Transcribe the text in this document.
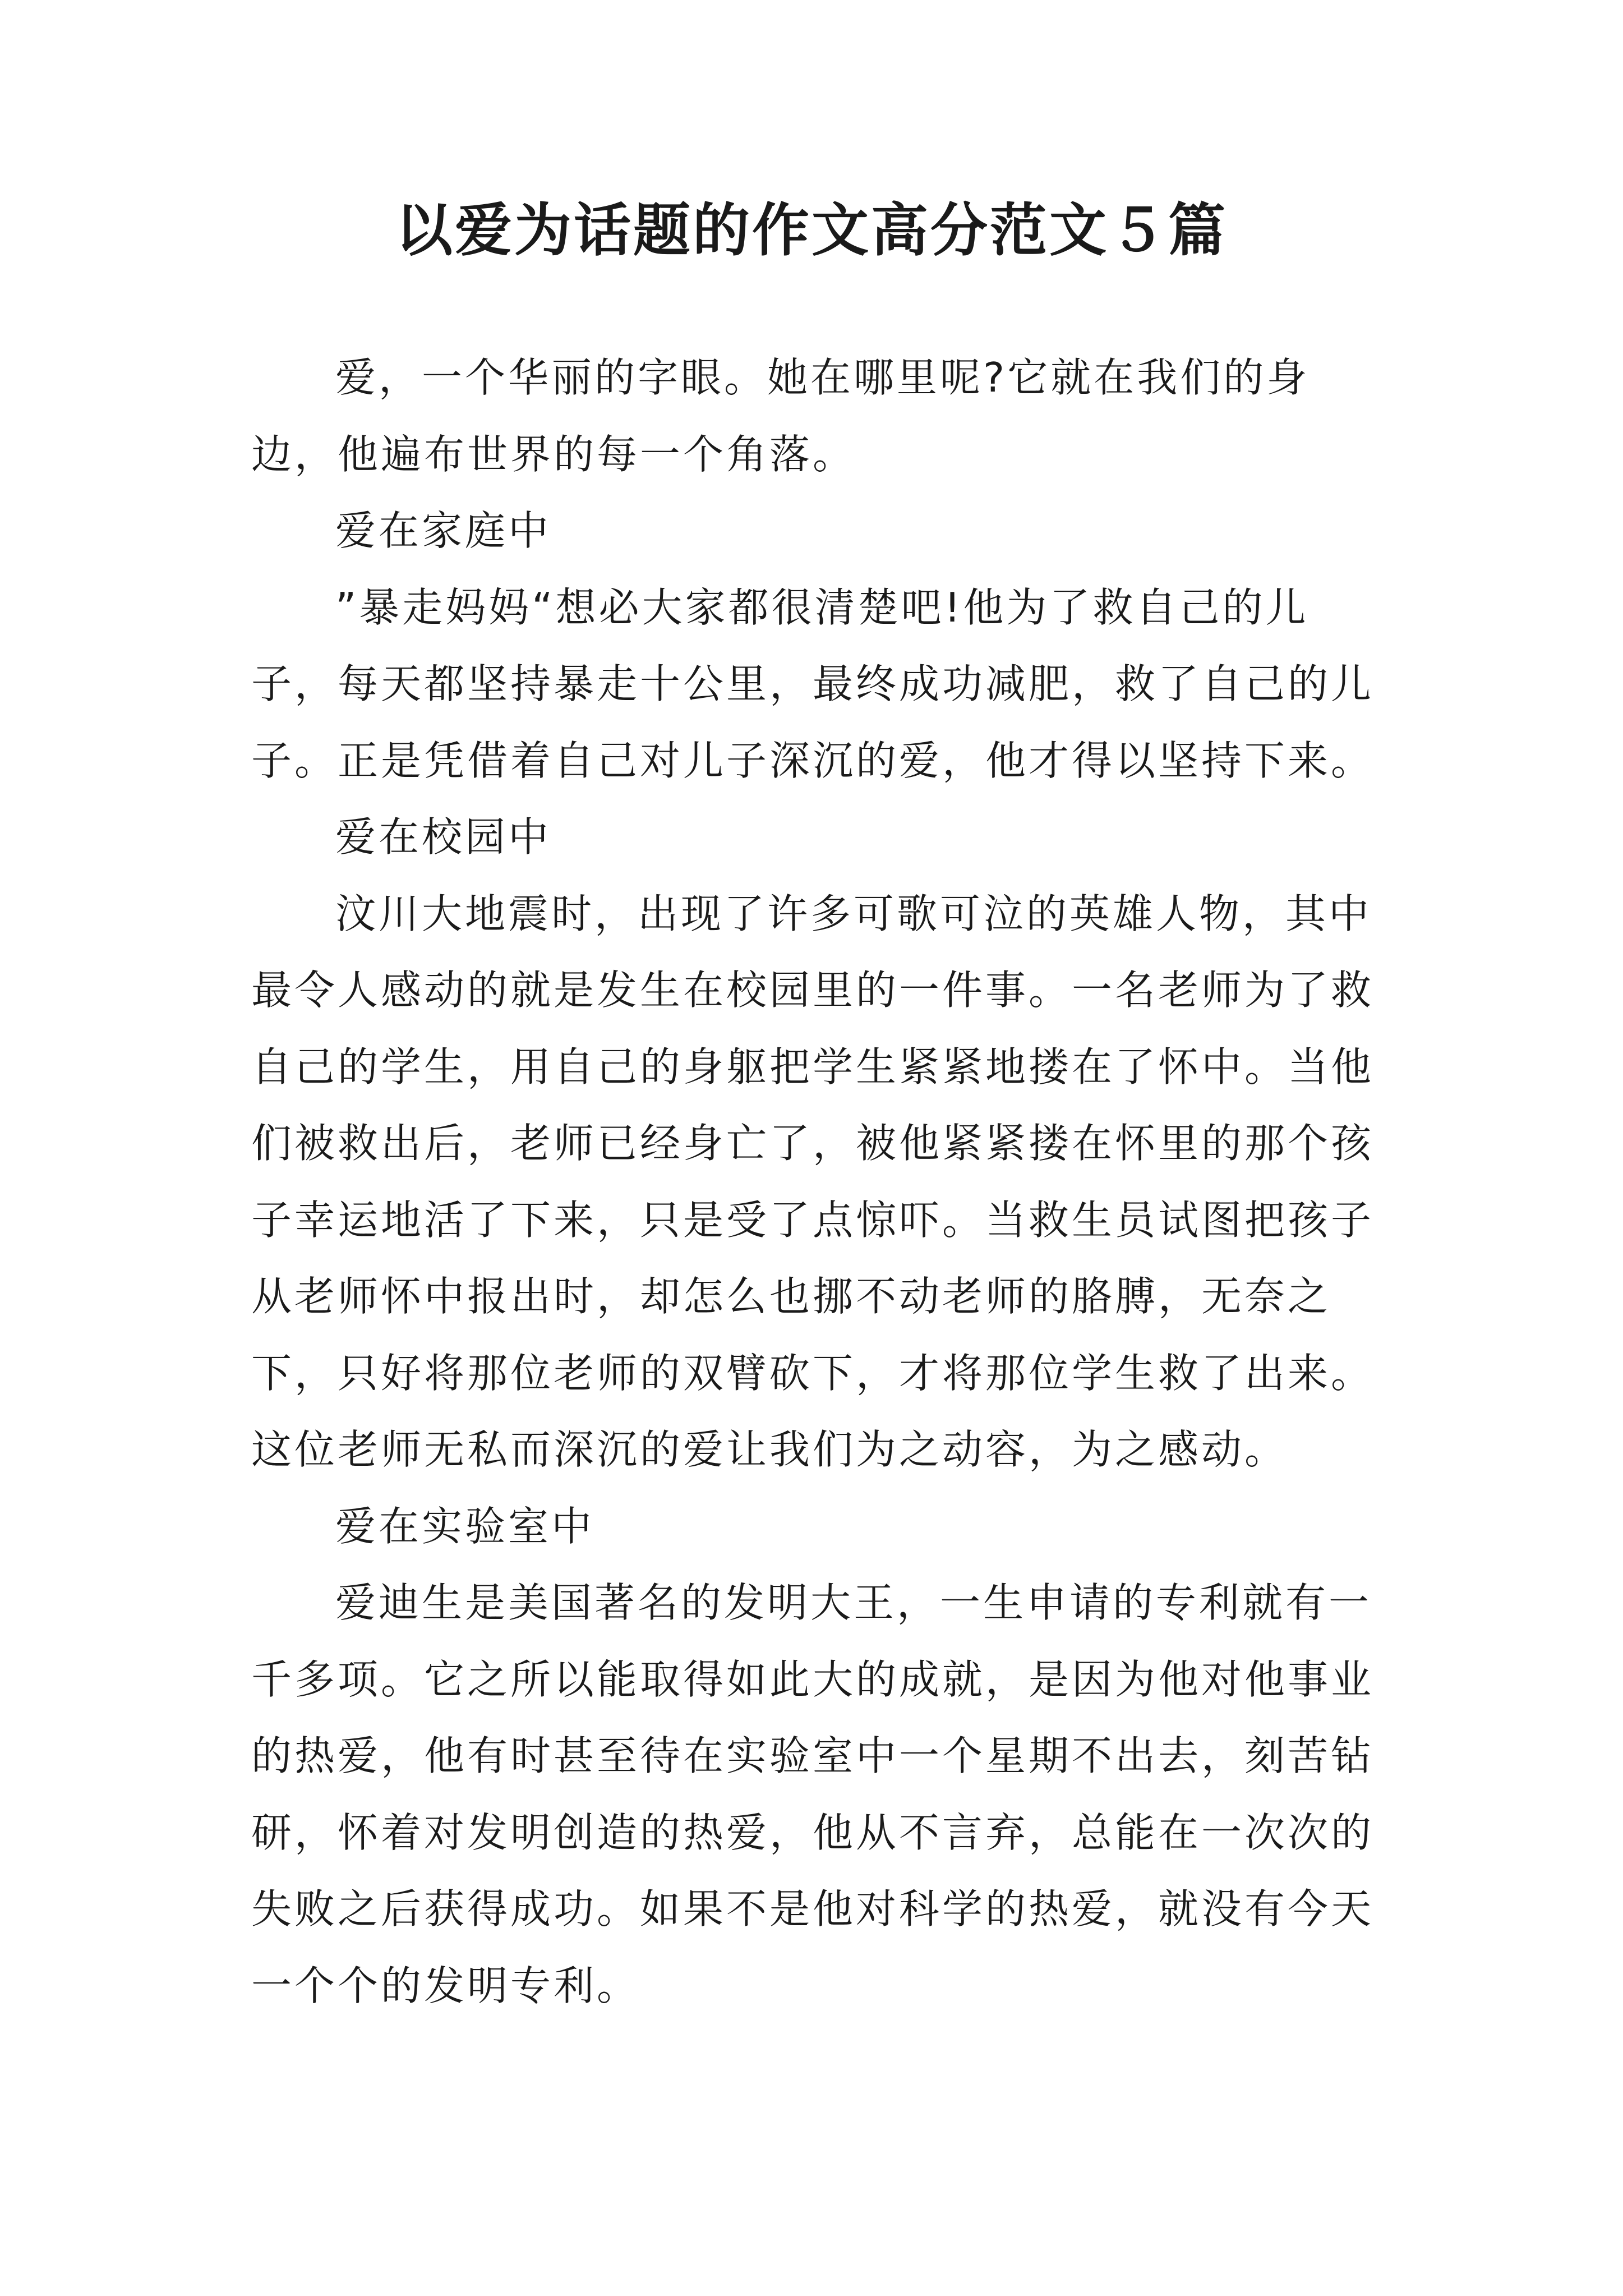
以爱为话题的作文高分范文５篇

爱，一个华丽的字眼。她在哪里呢?它就在我们的身边，他遍布世界的每一个角落。

爱在家庭中

”暴走妈妈“想必大家都很清楚吧!他为了救自己的儿子，每天都坚持暴走十公里，最终成功减肥，救了自己的儿子。正是凭借着自己对儿子深沉的爱，他才得以坚持下来。

爱在校园中

汶川大地震时，出现了许多可歌可泣的英雄人物，其中最令人感动的就是发生在校园里的一件事。一名老师为了救自己的学生，用自己的身躯把学生紧紧地搂在了怀中。当他们被救出后，老师已经身亡了，被他紧紧搂在怀里的那个孩子幸运地活了下来，只是受了点惊吓。当救生员试图把孩子从老师怀中报出时，却怎么也挪不动老师的胳膊，无奈之下，只好将那位老师的双臂砍下，才将那位学生救了出来。这位老师无私而深沉的爱让我们为之动容，为之感动。

爱在实验室中

爱迪生是美国著名的发明大王，一生申请的专利就有一千多项。它之所以能取得如此大的成就，是因为他对他事业的热爱，他有时甚至待在实验室中一个星期不出去，刻苦钻研，怀着对发明创造的热爱，他从不言弃，总能在一次次的失败之后获得成功。如果不是他对科学的热爱，就没有今天一个个的发明专利。
